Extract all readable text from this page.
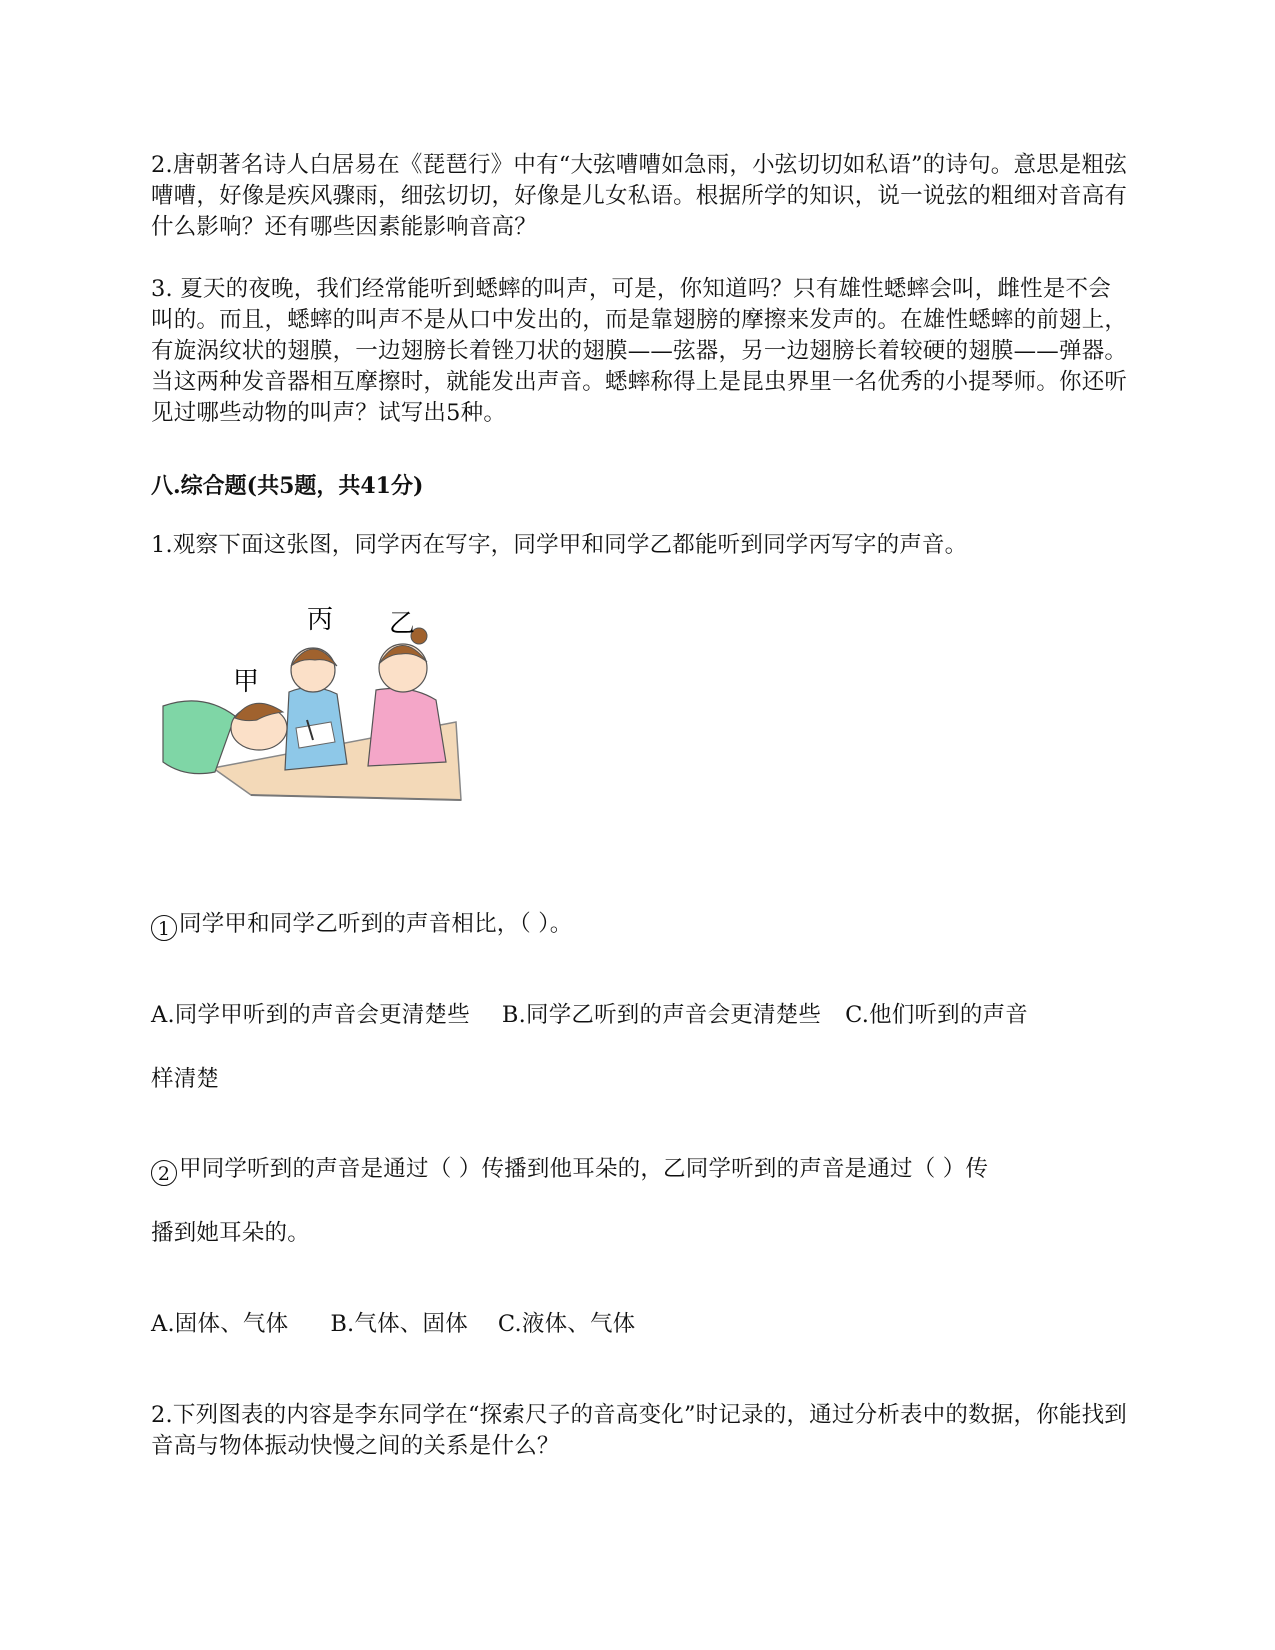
2.唐朝著名诗人白居易在《琵琶行》中有“大弦嘈嘈如急雨，小弦切切如私语”的诗句。意思是粗弦嘈嘈，好像是疾风骤雨，细弦切切，好像是儿女私语。根据所学的知识，说一说弦的粗细对音高有什么影响？还有哪些因素能影响音高？

3. 夏天的夜晚，我们经常能听到蟋蟀的叫声，可是，你知道吗？只有雄性蟋蟀会叫，雌性是不会叫的。而且，蟋蟀的叫声不是从口中发出的，而是靠翅膀的摩擦来发声的。在雄性蟋蟀的前翅上，有旋涡纹状的翅膜，一边翅膀长着锉刀状的翅膜——弦器，另一边翅膀长着较硬的翅膜——弹器。当这两种发音器相互摩擦时，就能发出声音。蟋蟀称得上是昆虫界里一名优秀的小提琴师。你还听见过哪些动物的叫声？试写出5种。

八.综合题(共5题，共41分)

1.观察下面这张图，同学丙在写字，同学甲和同学乙都能听到同学丙写字的声音。

丙 乙
甲

1 同学甲和同学乙听到的声音相比，（ ）。

A.同学甲听到的声音会更清楚些 B.同学乙听到的声音会更清楚些 C.他们听到的声音

样清楚

2 甲同学听到的声音是通过（ ）传播到他耳朵的，乙同学听到的声音是通过（ ）传

播到她耳朵的。

A.固体、气体 B.气体、固体 C.液体、气体

2.下列图表的内容是李东同学在“探索尺子的音高变化”时记录的，通过分析表中的数据，你能找到音高与物体振动快慢之间的关系是什么？
